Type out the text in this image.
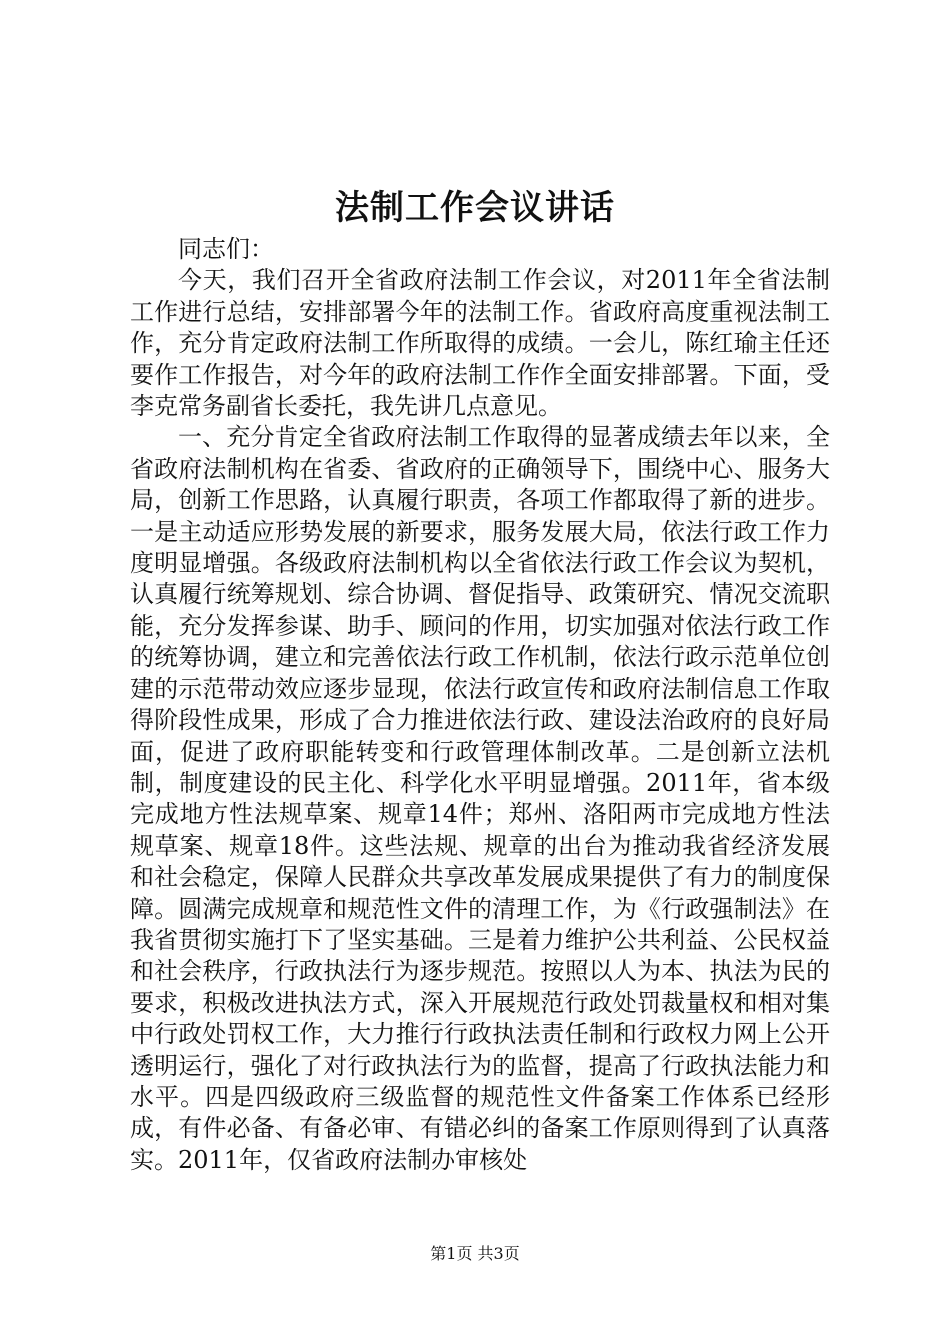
法制工作会议讲话

同志们：

今天，我们召开全省政府法制工作会议，对2011年全省法制工作进行总结，安排部署今年的法制工作。省政府高度重视法制工作，充分肯定政府法制工作所取得的成绩。一会儿，陈红瑜主任还要作工作报告，对今年的政府法制工作作全面安排部署。下面，受李克常务副省长委托，我先讲几点意见。

一、充分肯定全省政府法制工作取得的显著成绩去年以来，全省政府法制机构在省委、省政府的正确领导下，围绕中心、服务大局，创新工作思路，认真履行职责，各项工作都取得了新的进步。一是主动适应形势发展的新要求，服务发展大局，依法行政工作力度明显增强。各级政府法制机构以全省依法行政工作会议为契机，认真履行统筹规划、综合协调、督促指导、政策研究、情况交流职能，充分发挥参谋、助手、顾问的作用，切实加强对依法行政工作的统筹协调，建立和完善依法行政工作机制，依法行政示范单位创建的示范带动效应逐步显现，依法行政宣传和政府法制信息工作取得阶段性成果，形成了合力推进依法行政、建设法治政府的良好局面，促进了政府职能转变和行政管理体制改革。二是创新立法机制，制度建设的民主化、科学化水平明显增强。2011年，省本级完成地方性法规草案、规章14件；郑州、洛阳两市完成地方性法规草案、规章18件。这些法规、规章的出台为推动我省经济发展和社会稳定，保障人民群众共享改革发展成果提供了有力的制度保障。圆满完成规章和规范性文件的清理工作，为《行政强制法》在我省贯彻实施打下了坚实基础。三是着力维护公共利益、公民权益和社会秩序，行政执法行为逐步规范。按照以人为本、执法为民的要求，积极改进执法方式，深入开展规范行政处罚裁量权和相对集中行政处罚权工作，大力推行行政执法责任制和行政权力网上公开透明运行，强化了对行政执法行为的监督，提高了行政执法能力和水平。四是四级政府三级监督的规范性文件备案工作体系已经形成，有件必备、有备必审、有错必纠的备案工作原则得到了认真落实。2011年，仅省政府法制办审核处

第1页 共3页
